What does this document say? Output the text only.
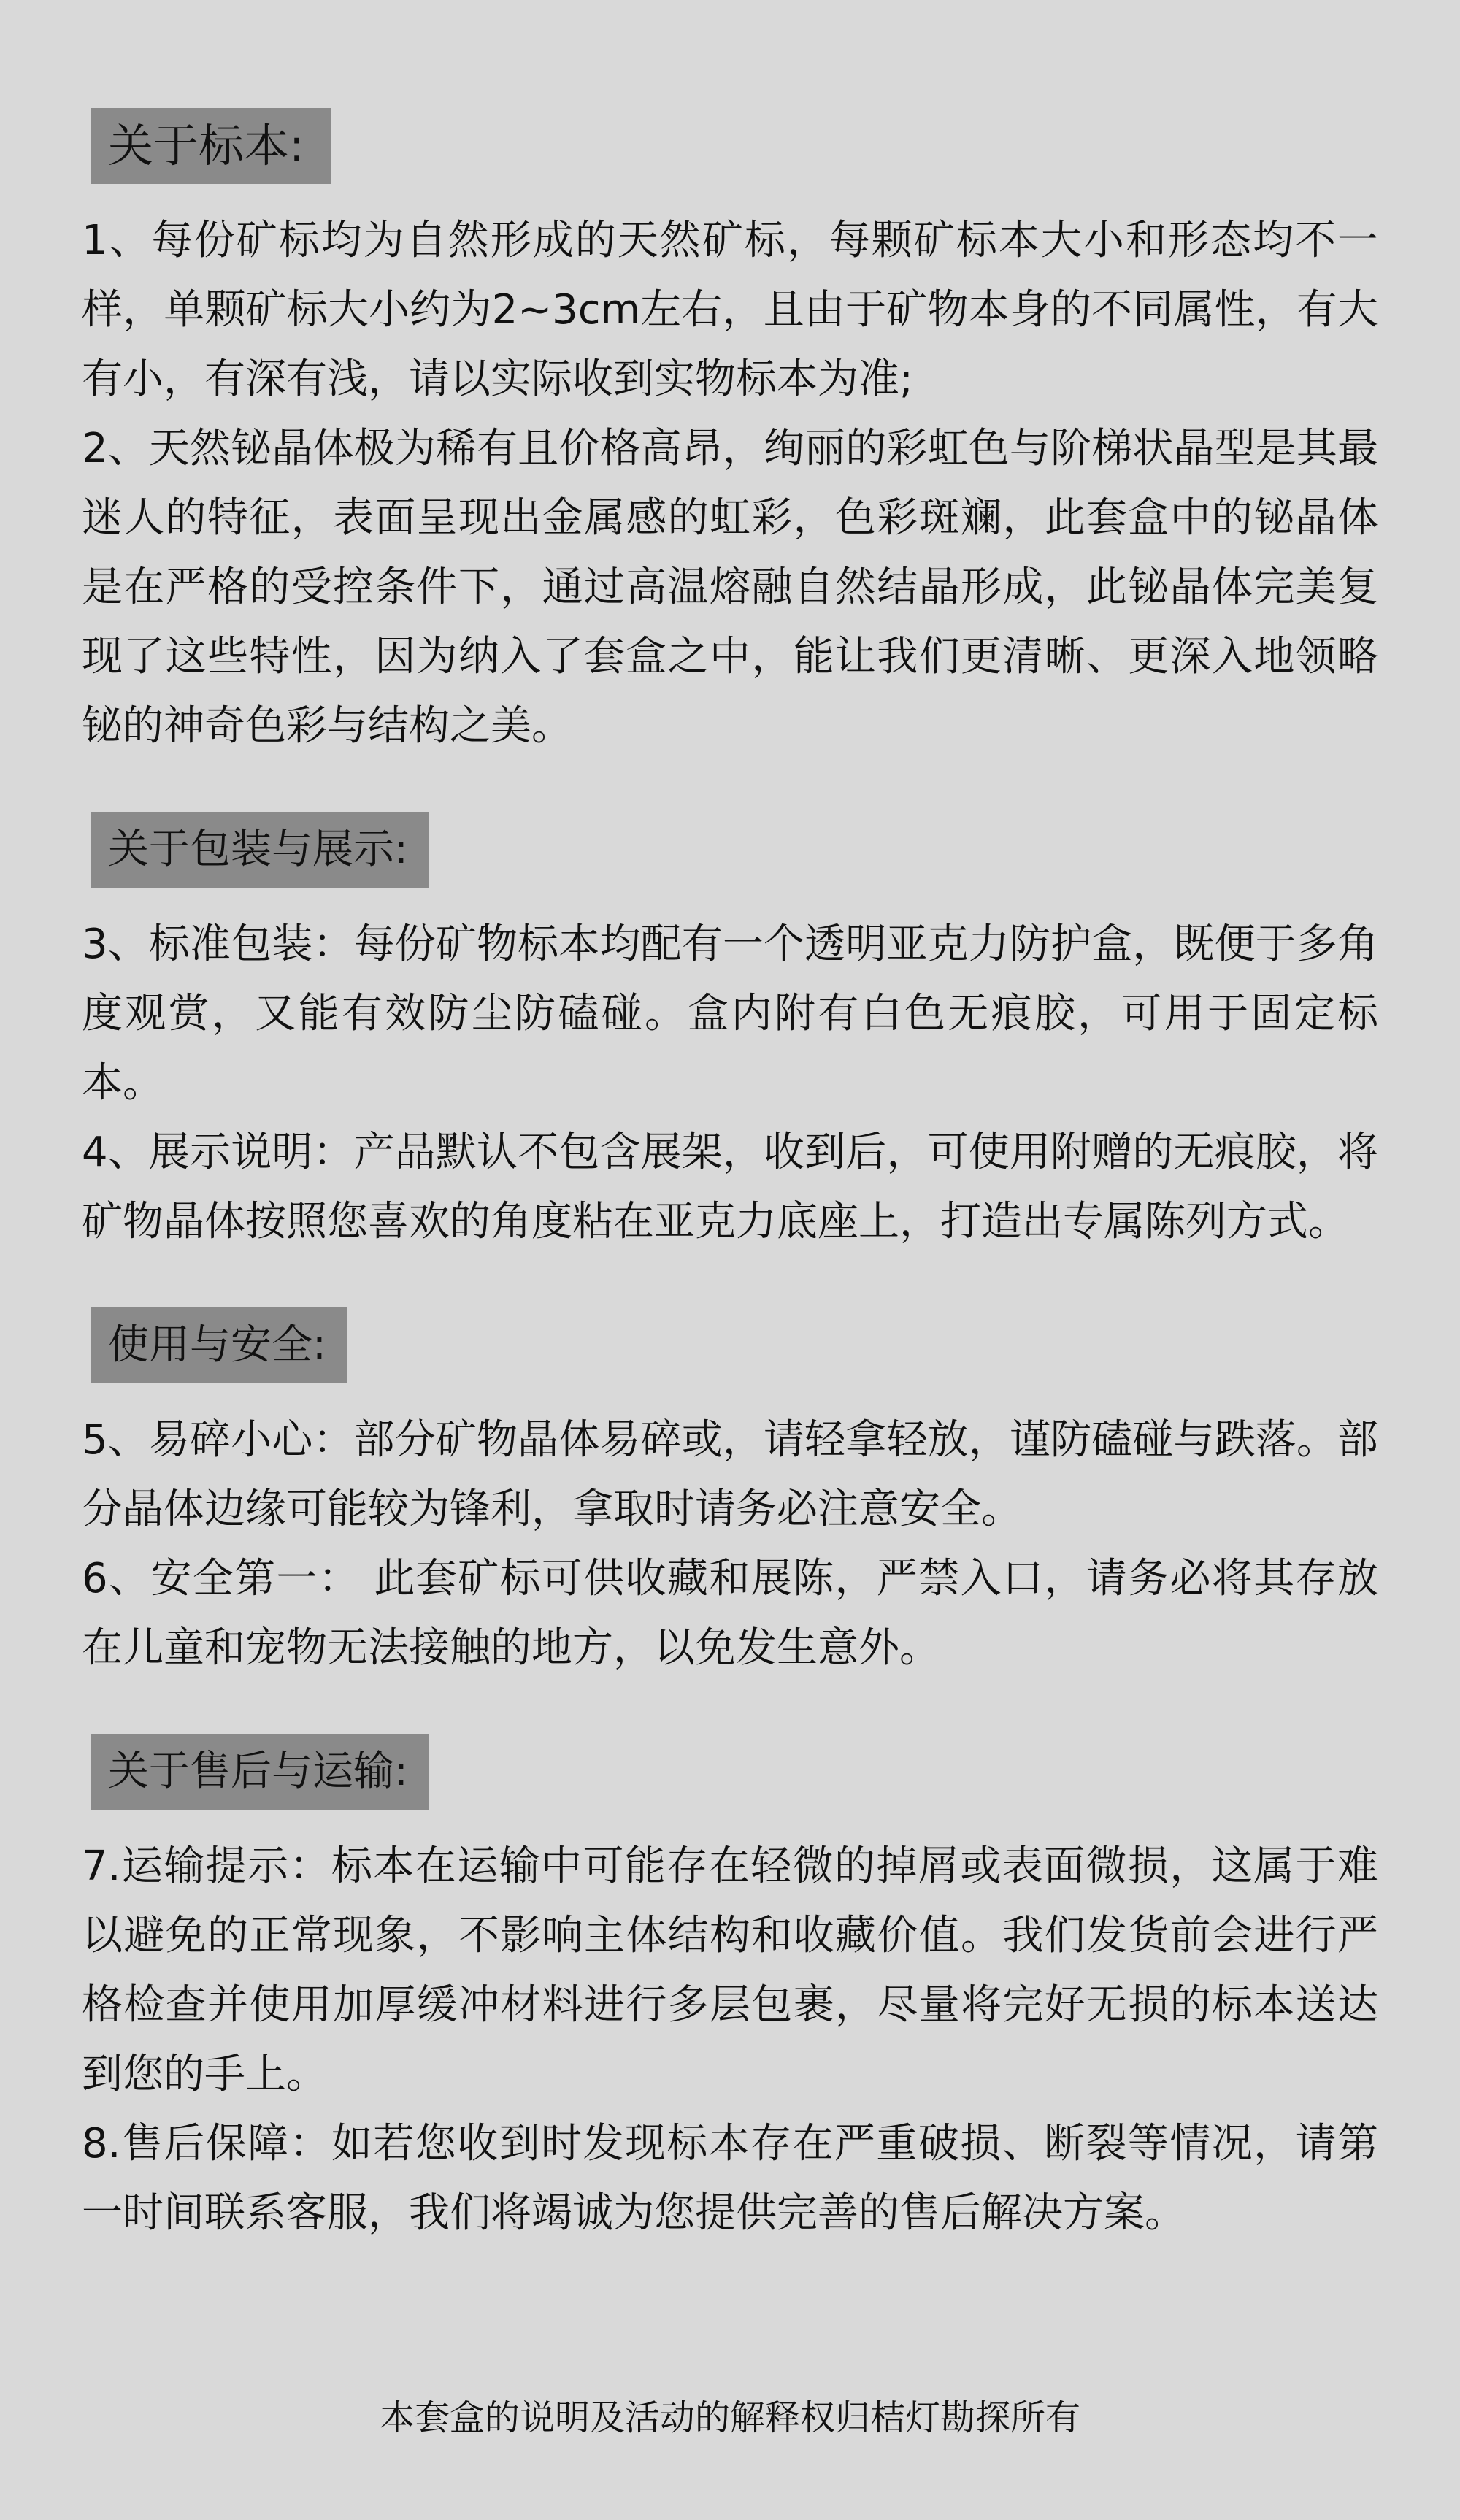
关于标本:

1、每份矿标均为自然形成的天然矿标，每颗矿标本大小和形态均不一样，单颗矿标大小约为2~3cm左右，且由于矿物本身的不同属性，有大有小，有深有浅，请以实际收到实物标本为准;

2、天然铋晶体极为稀有且价格高昂，绚丽的彩虹色与阶梯状晶型是其最迷人的特征，表面呈现出金属感的虹彩，色彩斑斓，此套盒中的铋晶体是在严格的受控条件下，通过高温熔融自然结晶形成，此铋晶体完美复现了这些特性，因为纳入了套盒之中，能让我们更清晰、更深入地领略铋的神奇色彩与结构之美。

关于包装与展示:

3、标准包装：每份矿物标本均配有一个透明亚克力防护盒，既便于多角度观赏，又能有效防尘防磕碰。盒内附有白色无痕胶，可用于固定标本。

4、展示说明：产品默认不包含展架，收到后，可使用附赠的无痕胶，将矿物晶体按照您喜欢的角度粘在亚克力底座上，打造出专属陈列方式。

使用与安全:

5、易碎小心：部分矿物晶体易碎或，请轻拿轻放，谨防磕碰与跌落。部分晶体边缘可能较为锋利，拿取时请务必注意安全。

6、安全第一： 此套矿标可供收藏和展陈，严禁入口，请务必将其存放在儿童和宠物无法接触的地方，以免发生意外。

关于售后与运输:

7.运输提示：标本在运输中可能存在轻微的掉屑或表面微损，这属于难以避免的正常现象，不影响主体结构和收藏价值。我们发货前会进行严格检查并使用加厚缓冲材料进行多层包裹，尽量将完好无损的标本送达到您的手上。

8.售后保障：如若您收到时发现标本存在严重破损、断裂等情况，请第一时间联系客服，我们将竭诚为您提供完善的售后解决方案。

本套盒的说明及活动的解释权归桔灯勘探所有
